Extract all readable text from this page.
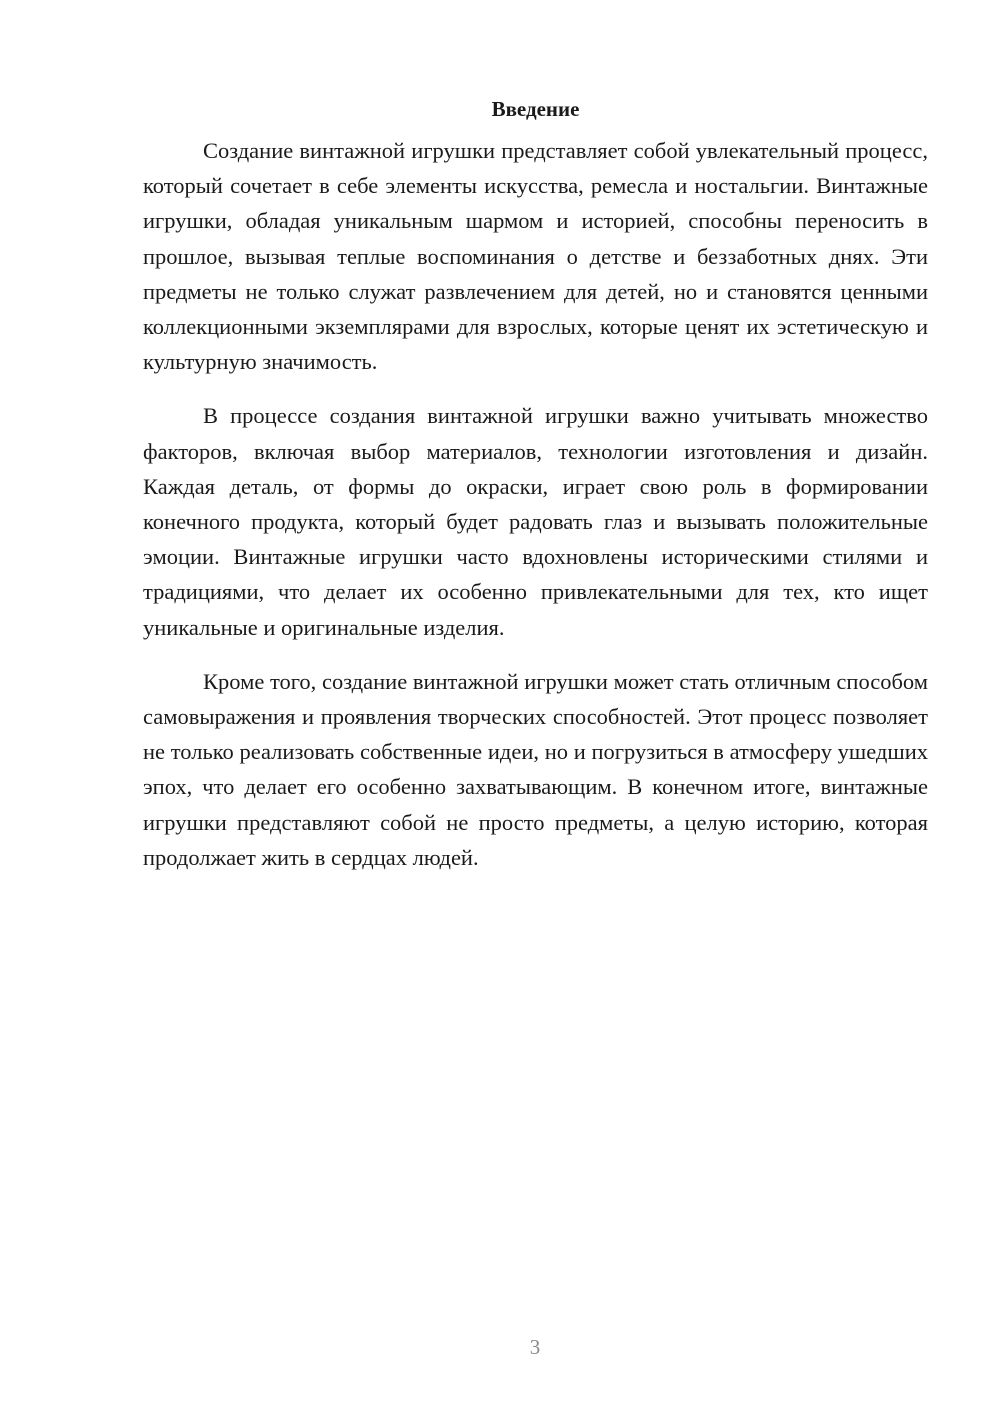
Введение

Создание винтажной игрушки представляет собой увлекательный процесс, который сочетает в себе элементы искусства, ремесла и ностальгии. Винтажные игрушки, обладая уникальным шармом и историей, способны переносить в прошлое, вызывая теплые воспоминания о детстве и беззаботных днях. Эти предметы не только служат развлечением для детей, но и становятся ценными коллекционными экземплярами для взрослых, которые ценят их эстетическую и культурную значимость.

В процессе создания винтажной игрушки важно учитывать множество факторов, включая выбор материалов, технологии изготовления и дизайн. Каждая деталь, от формы до окраски, играет свою роль в формировании конечного продукта, который будет радовать глаз и вызывать положительные эмоции. Винтажные игрушки часто вдохновлены историческими стилями и традициями, что делает их особенно привлекательными для тех, кто ищет уникальные и оригинальные изделия.

Кроме того, создание винтажной игрушки может стать отличным способом самовыражения и проявления творческих способностей. Этот процесс позволяет не только реализовать собственные идеи, но и погрузиться в атмосферу ушедших эпох, что делает его особенно захватывающим. В конечном итоге, винтажные игрушки представляют собой не просто предметы, а целую историю, которая продолжает жить в сердцах людей.

3
